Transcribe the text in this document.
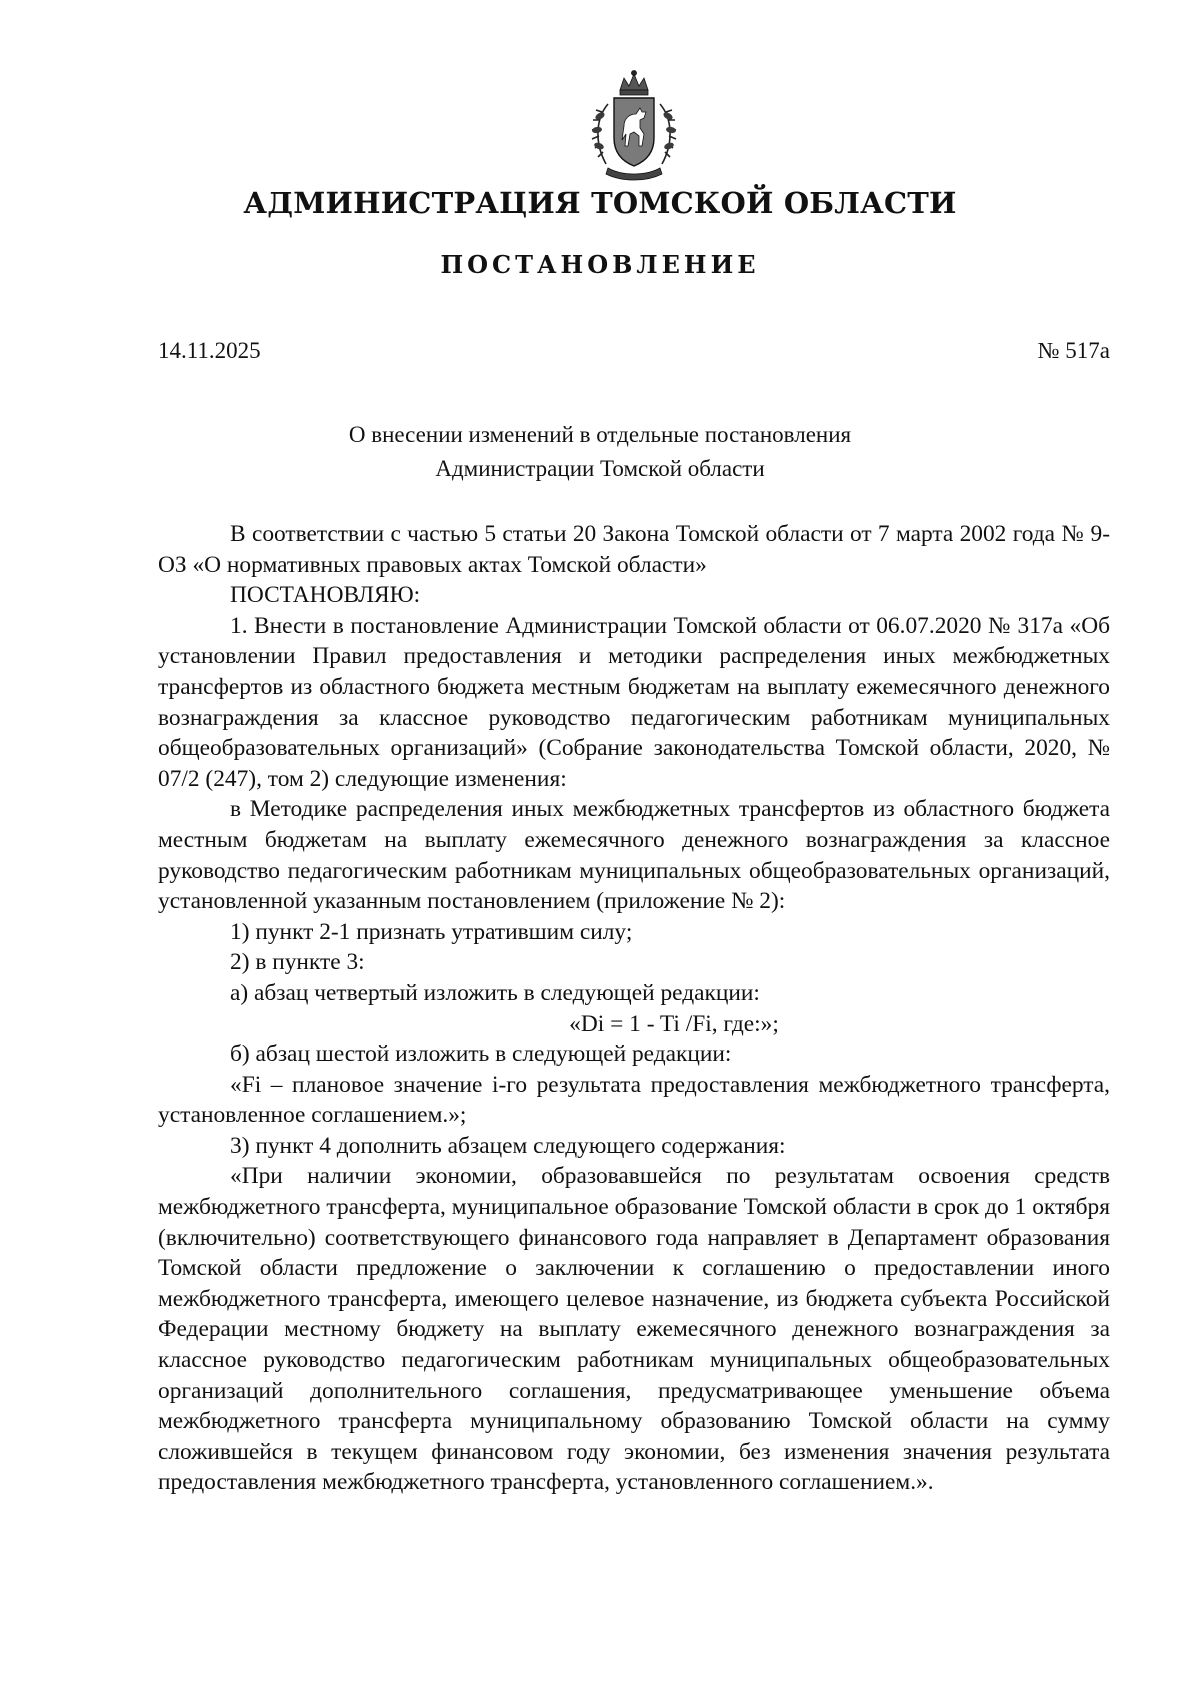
АДМИНИСТРАЦИЯ ТОМСКОЙ ОБЛАСТИ
ПОСТАНОВЛЕНИЕ
14.11.2025	№ 517а
О внесении изменений в отдельные постановления
Администрации Томской области

В соответствии с частью 5 статьи 20 Закона Томской области от 7 марта 2002 года № 9-ОЗ «О нормативных правовых актах Томской области»

ПОСТАНОВЛЯЮ:

1. Внести в постановление Администрации Томской области от 06.07.2020 № 317а «Об установлении Правил предоставления и методики распределения иных межбюджетных трансфертов из областного бюджета местным бюджетам на выплату ежемесячного денежного вознаграждения за классное руководство педагогическим работникам муниципальных общеобразовательных организаций» (Собрание законодательства Томской области, 2020, № 07/2 (247), том 2) следующие изменения:

в Методике распределения иных межбюджетных трансфертов из областного бюджета местным бюджетам на выплату ежемесячного денежного вознаграждения за классное руководство педагогическим работникам муниципальных общеобразовательных организаций, установленной указанным постановлением (приложение № 2):

1) пункт 2-1 признать утратившим силу;

2) в пункте 3:

а) абзац четвертый изложить в следующей редакции:

«Di = 1 - Ti /Fi, где:»;

б) абзац шестой изложить в следующей редакции:

«Fi – плановое значение i-го результата предоставления межбюджетного трансферта, установленное соглашением.»;

3) пункт 4 дополнить абзацем следующего содержания:

«При наличии экономии, образовавшейся по результатам освоения средств межбюджетного трансферта, муниципальное образование Томской области в срок до 1 октября (включительно) соответствующего финансового года направляет в Департамент образования Томской области предложение о заключении к соглашению о предоставлении иного межбюджетного трансферта, имеющего целевое назначение, из бюджета субъекта Российской Федерации местному бюджету на выплату ежемесячного денежного вознаграждения за классное руководство педагогическим работникам муниципальных общеобразовательных организаций дополнительного соглашения, предусматривающее уменьшение объема межбюджетного трансферта муниципальному образованию Томской области на сумму сложившейся в текущем финансовом году экономии, без изменения значения результата предоставления межбюджетного трансферта, установленного соглашением.».
